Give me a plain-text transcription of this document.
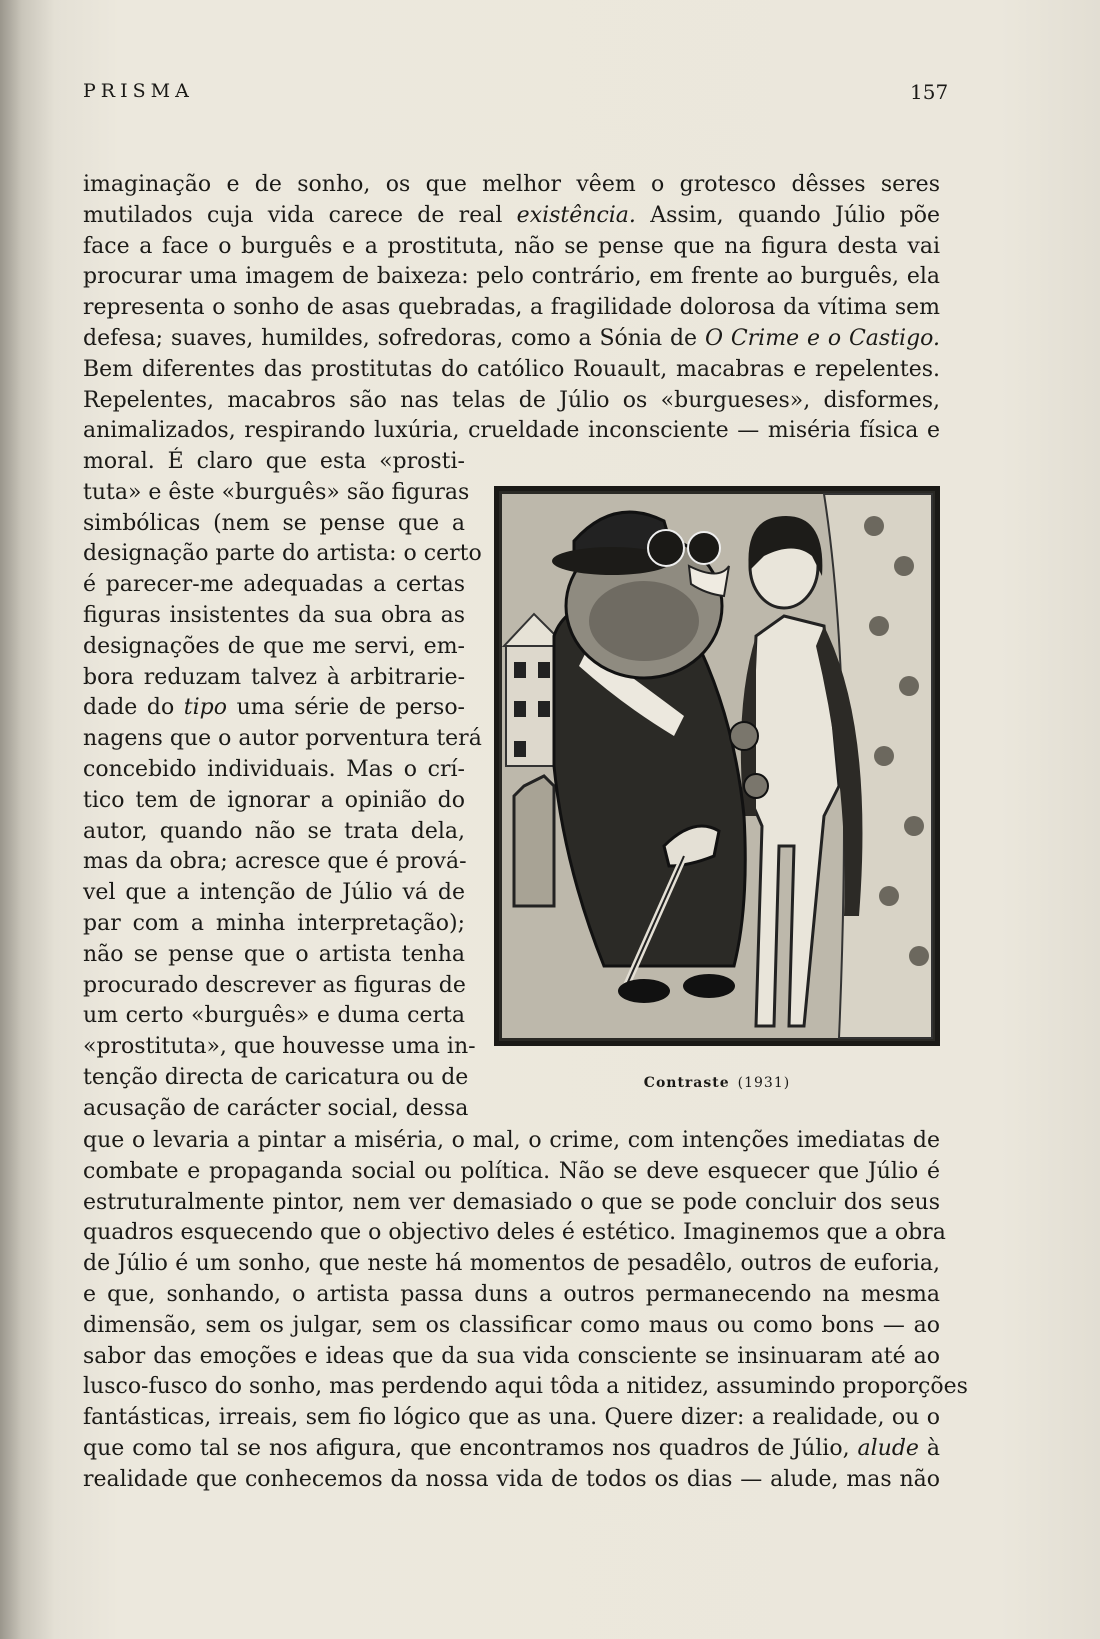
PRISMA	157
imaginação e de sonho, os que melhor vêem o grotesco dêsses seres
mutilados cuja vida carece de real existência. Assim, quando Júlio põe
face a face o burguês e a prostituta, não se pense que na figura desta vai
procurar uma imagem de baixeza: pelo contrário, em frente ao burguês, ela
representa o sonho de asas quebradas, a fragilidade dolorosa da vítima sem
defesa; suaves, humildes, sofredoras, como a Sónia de O Crime e o Castigo.
Bem diferentes das prostitutas do católico Rouault, macabras e repelentes.
Repelentes, macabros são nas telas de Júlio os «burgueses», disformes,
animalizados, respirando luxúria, crueldade inconsciente — miséria física e
moral. É claro que esta «prosti-
tuta» e êste «burguês» são figuras
simbólicas (nem se pense que a
designação parte do artista: o certo
é parecer-me adequadas a certas
figuras insistentes da sua obra as
designações de que me servi, em-
bora reduzam talvez à arbitrarie-
dade do tipo uma série de perso-
nagens que o autor porventura terá
concebido individuais. Mas o crí-
tico tem de ignorar a opinião do
autor, quando não se trata dela,
mas da obra; acresce que é prová-
vel que a intenção de Júlio vá de
par com a minha interpretação);
não se pense que o artista tenha
procurado descrever as figuras de
um certo «burguês» e duma certa
«prostituta», que houvesse uma in-
tenção directa de caricatura ou de
acusação de carácter social, dessa
que o levaria a pintar a miséria, o mal, o crime, com intenções imediatas de
combate e propaganda social ou política. Não se deve esquecer que Júlio é
estruturalmente pintor, nem ver demasiado o que se pode concluir dos seus
quadros esquecendo que o objectivo deles é estético. Imaginemos que a obra
de Júlio é um sonho, que neste há momentos de pesadêlo, outros de euforia,
e que, sonhando, o artista passa duns a outros permanecendo na mesma
dimensão, sem os julgar, sem os classificar como maus ou como bons — ao
sabor das emoções e ideas que da sua vida consciente se insinuaram até ao
lusco-fusco do sonho, mas perdendo aqui tôda a nitidez, assumindo proporções
fantásticas, irreais, sem fio lógico que as una. Quere dizer: a realidade, ou o
que como tal se nos afigura, que encontramos nos quadros de Júlio, alude à
realidade que conhecemos da nossa vida de todos os dias — alude, mas não
Contraste (1931)
